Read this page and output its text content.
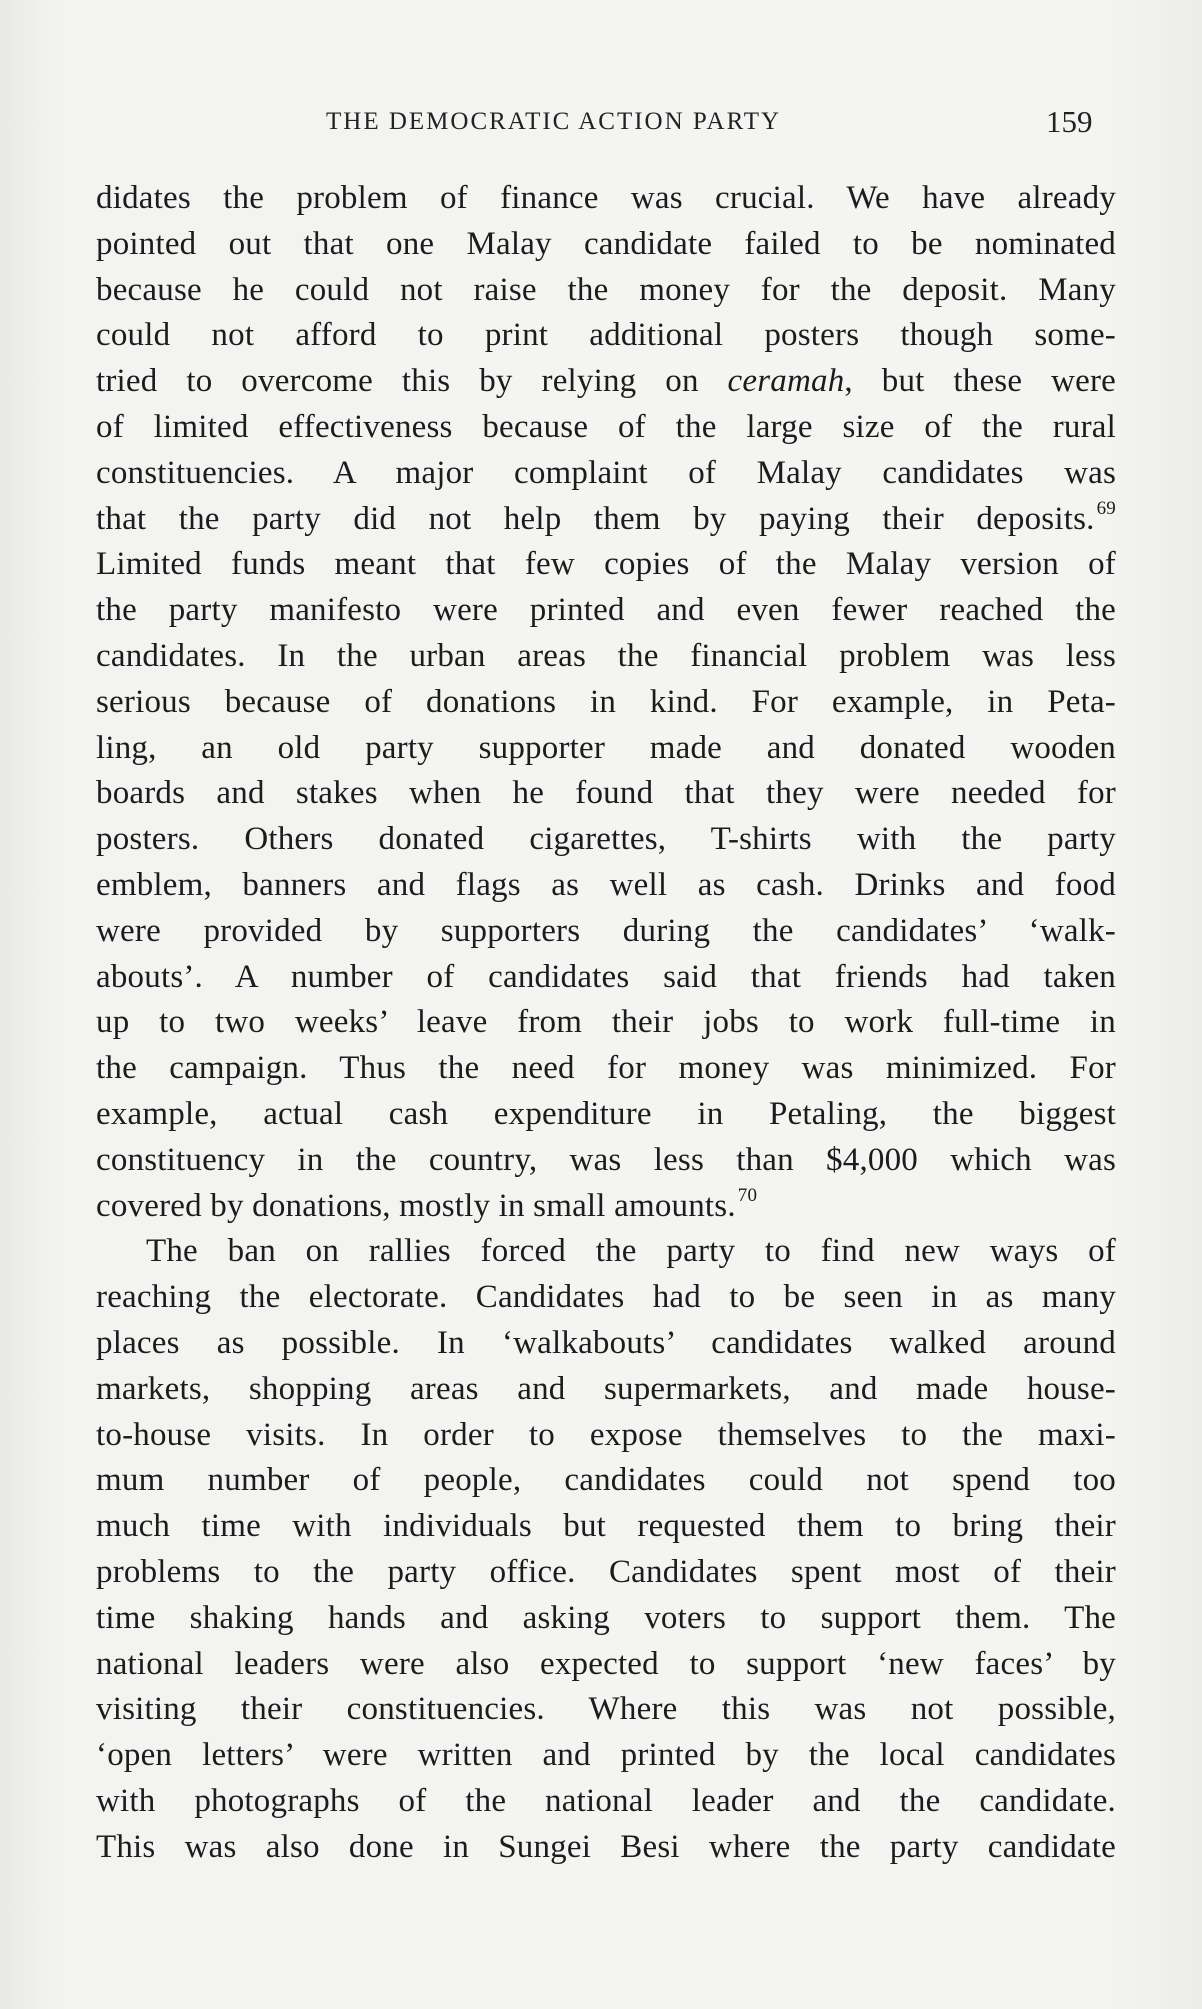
THE DEMOCRATIC ACTION PARTY	159
didates the problem of finance was crucial. We have already
pointed out that one Malay candidate failed to be nominated
because he could not raise the money for the deposit. Many
could not afford to print additional posters though some-
tried to overcome this by relying on ceramah, but these were
of limited effectiveness because of the large size of the rural
constituencies. A major complaint of Malay candidates was
that the party did not help them by paying their deposits. $^{69}$
Limited funds meant that few copies of the Malay version of
the party manifesto were printed and even fewer reached the
candidates. In the urban areas the financial problem was less
serious because of donations in kind. For example, in Peta-
ling, an old party supporter made and donated wooden
boards and stakes when he found that they were needed for
posters. Others donated cigarettes, T-shirts with the party
emblem, banners and flags as well as cash. Drinks and food
were provided by supporters during the candidates’ ‘walk-
abouts’. A number of candidates said that friends had taken
up to two weeks’ leave from their jobs to work full-time in
the campaign. Thus the need for money was minimized. For
example, actual cash expenditure in Petaling, the biggest
constituency in the country, was less than $4,000 which was
covered by donations, mostly in small amounts. $^{70}$
The ban on rallies forced the party to find new ways of
reaching the electorate. Candidates had to be seen in as many
places as possible. In ‘walkabouts’ candidates walked around
markets, shopping areas and supermarkets, and made house-
to-house visits. In order to expose themselves to the maxi-
mum number of people, candidates could not spend too
much time with individuals but requested them to bring their
problems to the party office. Candidates spent most of their
time shaking hands and asking voters to support them. The
national leaders were also expected to support ‘new faces’ by
visiting their constituencies. Where this was not possible,
‘open letters’ were written and printed by the local candidates
with photographs of the national leader and the candidate.
This was also done in Sungei Besi where the party candidate
